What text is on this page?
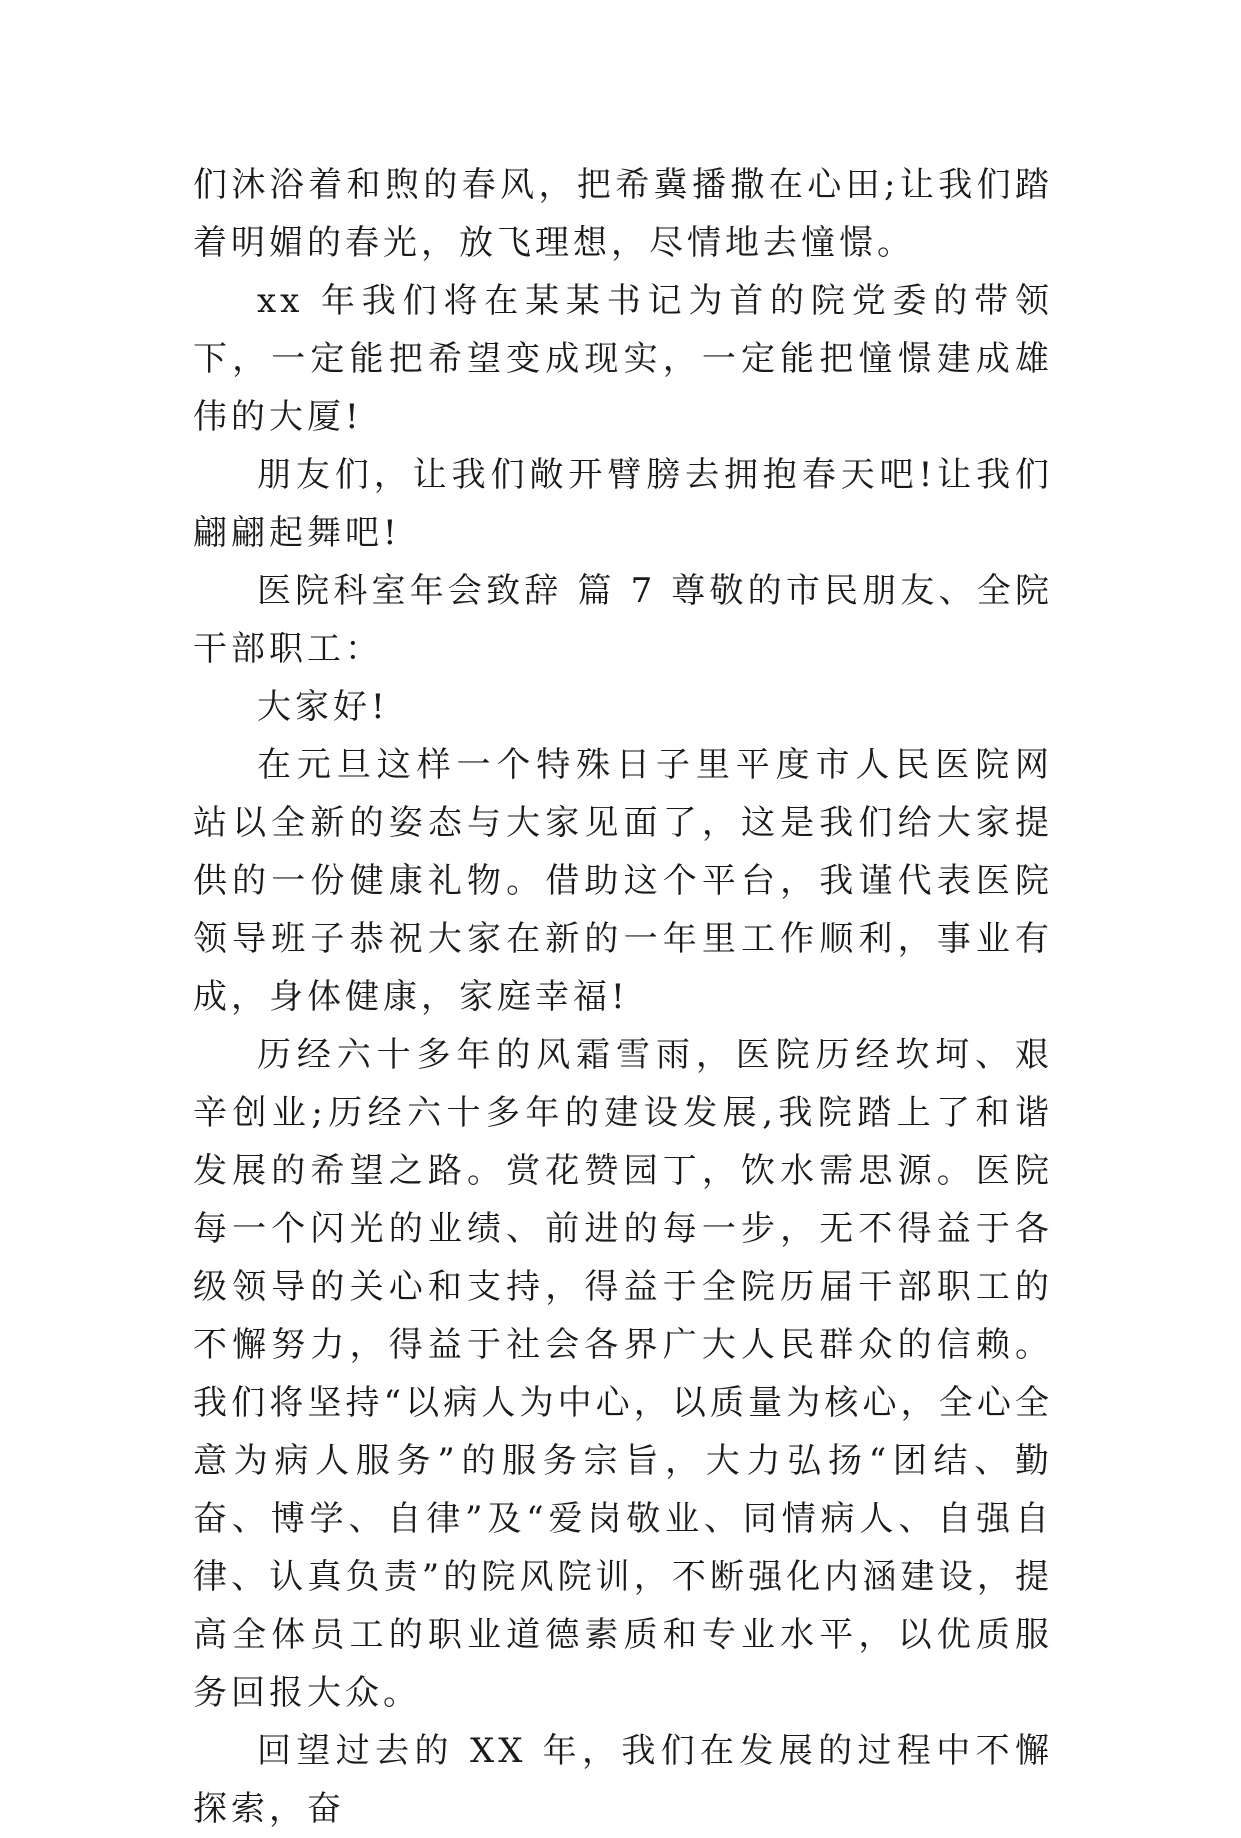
们沐浴着和煦的春风，把希冀播撒在心田;让我们踏着明媚的春光，放飞理想，尽情地去憧憬。

xx 年我们将在某某书记为首的院党委的带领下，一定能把希望变成现实，一定能把憧憬建成雄伟的大厦!

朋友们，让我们敞开臂膀去拥抱春天吧!让我们翩翩起舞吧!

医院科室年会致辞 篇 7 尊敬的市民朋友、全院干部职工：

大家好!

在元旦这样一个特殊日子里平度市人民医院网站以全新的姿态与大家见面了，这是我们给大家提供的一份健康礼物。借助这个平台，我谨代表医院领导班子恭祝大家在新的一年里工作顺利，事业有成，身体健康，家庭幸福!

历经六十多年的风霜雪雨，医院历经坎坷、艰辛创业;历经六十多年的建设发展,我院踏上了和谐发展的希望之路。赏花赞园丁，饮水需思源。医院每一个闪光的业绩、前进的每一步，无不得益于各级领导的关心和支持，得益于全院历届干部职工的不懈努力，得益于社会各界广大人民群众的信赖。我们将坚持“以病人为中心，以质量为核心，全心全意为病人服务”的服务宗旨，大力弘扬“团结、勤奋、博学、自律”及“爱岗敬业、同情病人、自强自律、认真负责”的院风院训，不断强化内涵建设，提高全体员工的职业道德素质和专业水平，以优质服务回报大众。

回望过去的 XX 年，我们在发展的过程中不懈探索，奋
